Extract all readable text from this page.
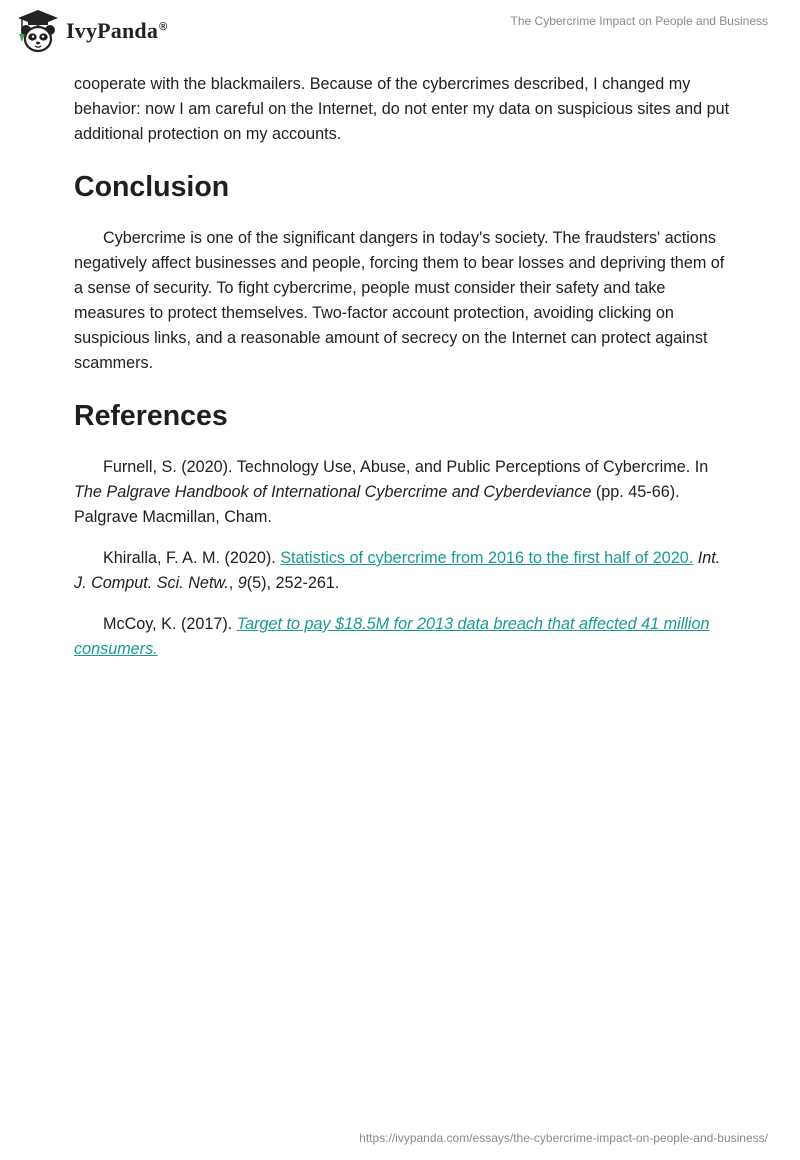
IvyPanda®	The Cybercrime Impact on People and Business

cooperate with the blackmailers. Because of the cybercrimes described, I changed my behavior: now I am careful on the Internet, do not enter my data on suspicious sites and put additional protection on my accounts.

Conclusion

Cybercrime is one of the significant dangers in today's society. The fraudsters' actions negatively affect businesses and people, forcing them to bear losses and depriving them of a sense of security. To fight cybercrime, people must consider their safety and take measures to protect themselves. Two-factor account protection, avoiding clicking on suspicious links, and a reasonable amount of secrecy on the Internet can protect against scammers.

References

Furnell, S. (2020). Technology Use, Abuse, and Public Perceptions of Cybercrime. In The Palgrave Handbook of International Cybercrime and Cyberdeviance (pp. 45-66). Palgrave Macmillan, Cham.

Khiralla, F. A. M. (2020). Statistics of cybercrime from 2016 to the first half of 2020. Int. J. Comput. Sci. Netw., 9(5), 252-261.

McCoy, K. (2017). Target to pay $18.5M for 2013 data breach that affected 41 million consumers.

https://ivypanda.com/essays/the-cybercrime-impact-on-people-and-business/
